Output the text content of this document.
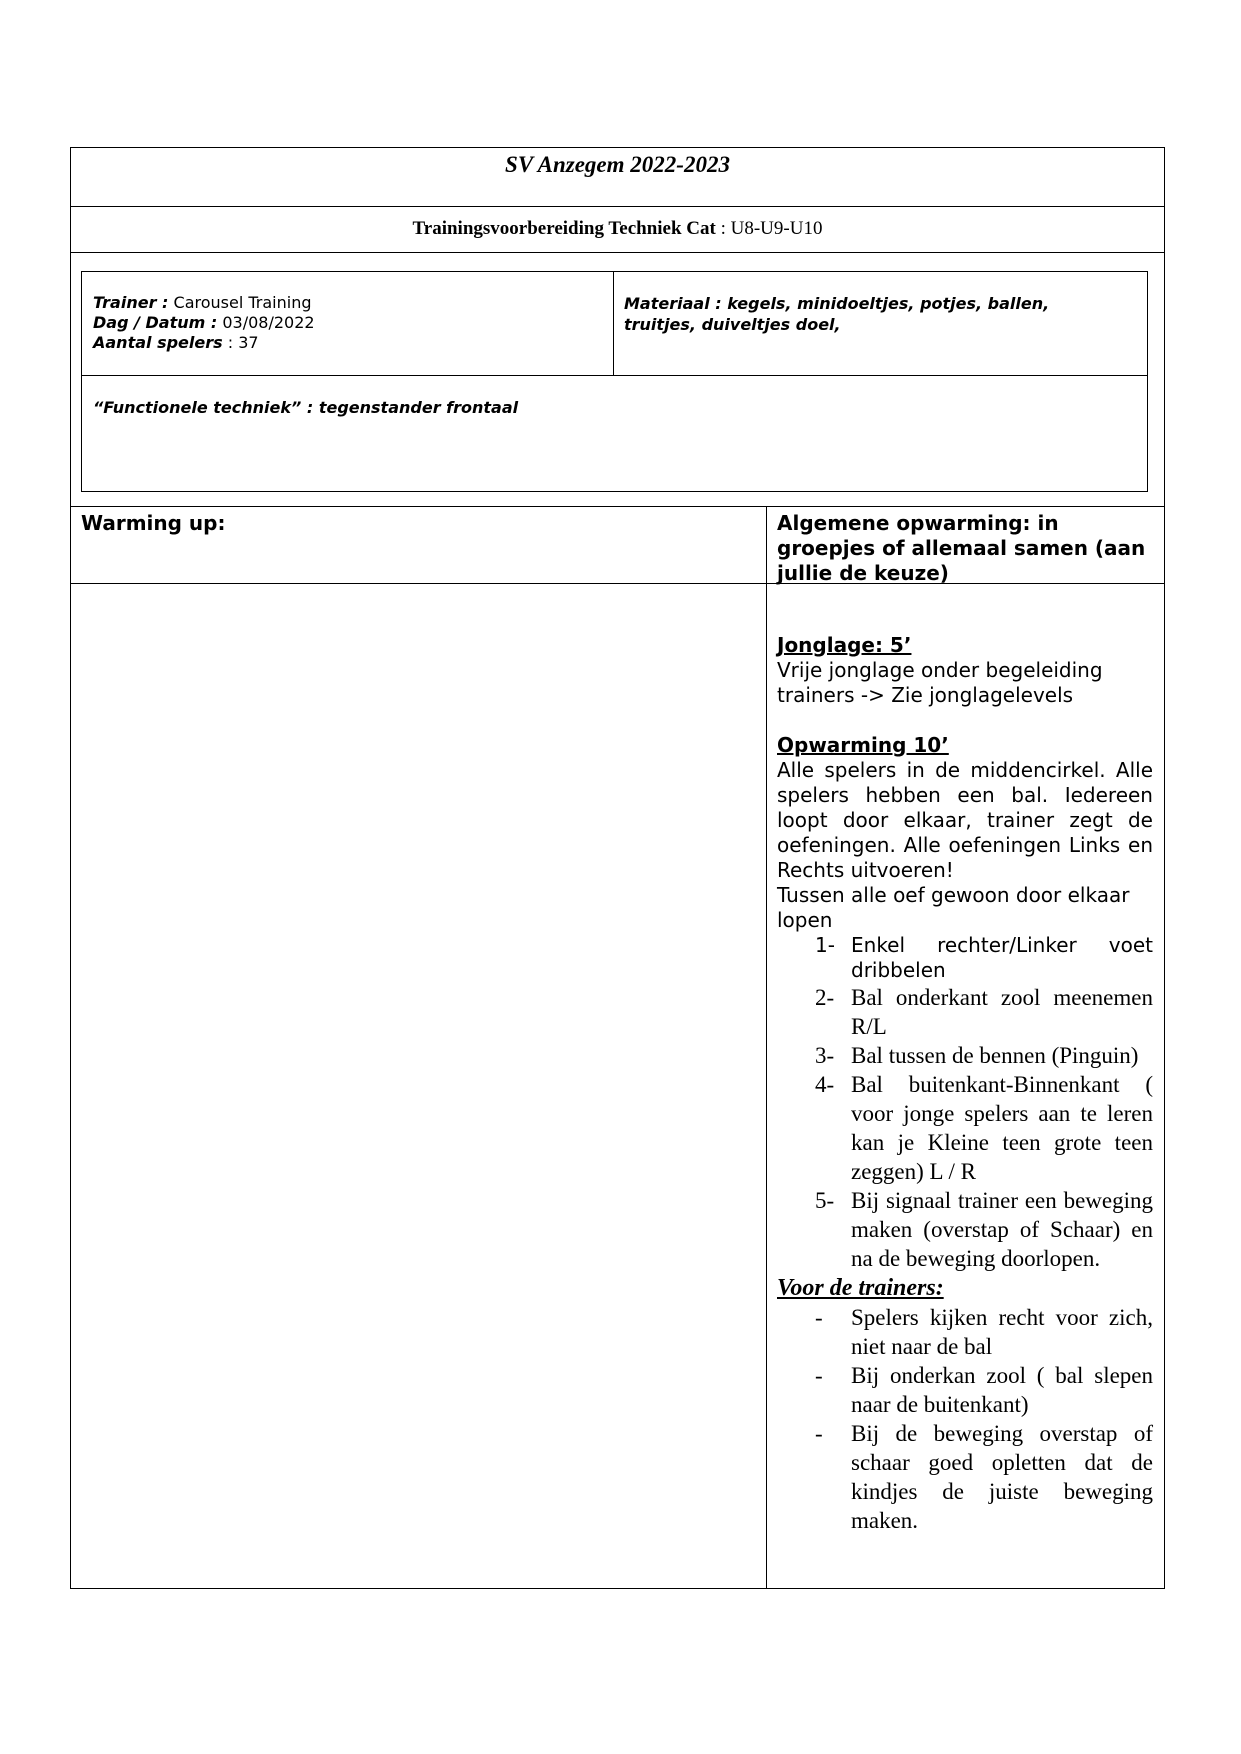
SV Anzegem 2022-2023
Trainingsvoorbereiding Techniek Cat : U8-U9-U10
Trainer : Carousel Training
Dag / Datum : 03/08/2022
Aantal spelers : 37
Materiaal : kegels, minidoeltjes, potjes, ballen, truitjes, duiveltjes doel,
“Functionele techniek” : tegenstander frontaal
Warming up:	Algemene opwarming: in groepjes of allemaal samen (aan jullie de keuze)
Jonglage: 5’
Vrije jonglage onder begeleiding trainers -> Zie jonglagelevels
Opwarming 10’
Alle spelers in de middencirkel. Alle spelers hebben een bal. Iedereen loopt door elkaar, trainer zegt de oefeningen. Alle oefeningen Links en Rechts uitvoeren!
Tussen alle oef gewoon door elkaar lopen
1- Enkel rechter/Linker voet dribbelen
2- Bal onderkant zool meenemen R/L
3- Bal tussen de bennen (Pinguin)
4- Bal buitenkant-Binnenkant ( voor jonge spelers aan te leren kan je Kleine teen grote teen zeggen) L / R
5- Bij signaal trainer een beweging maken (overstap of Schaar) en na de beweging doorlopen.
Voor de trainers:
- Spelers kijken recht voor zich, niet naar de bal
- Bij onderkan zool ( bal slepen naar de buitenkant)
- Bij de beweging overstap of schaar goed opletten dat de kindjes de juiste beweging maken.
